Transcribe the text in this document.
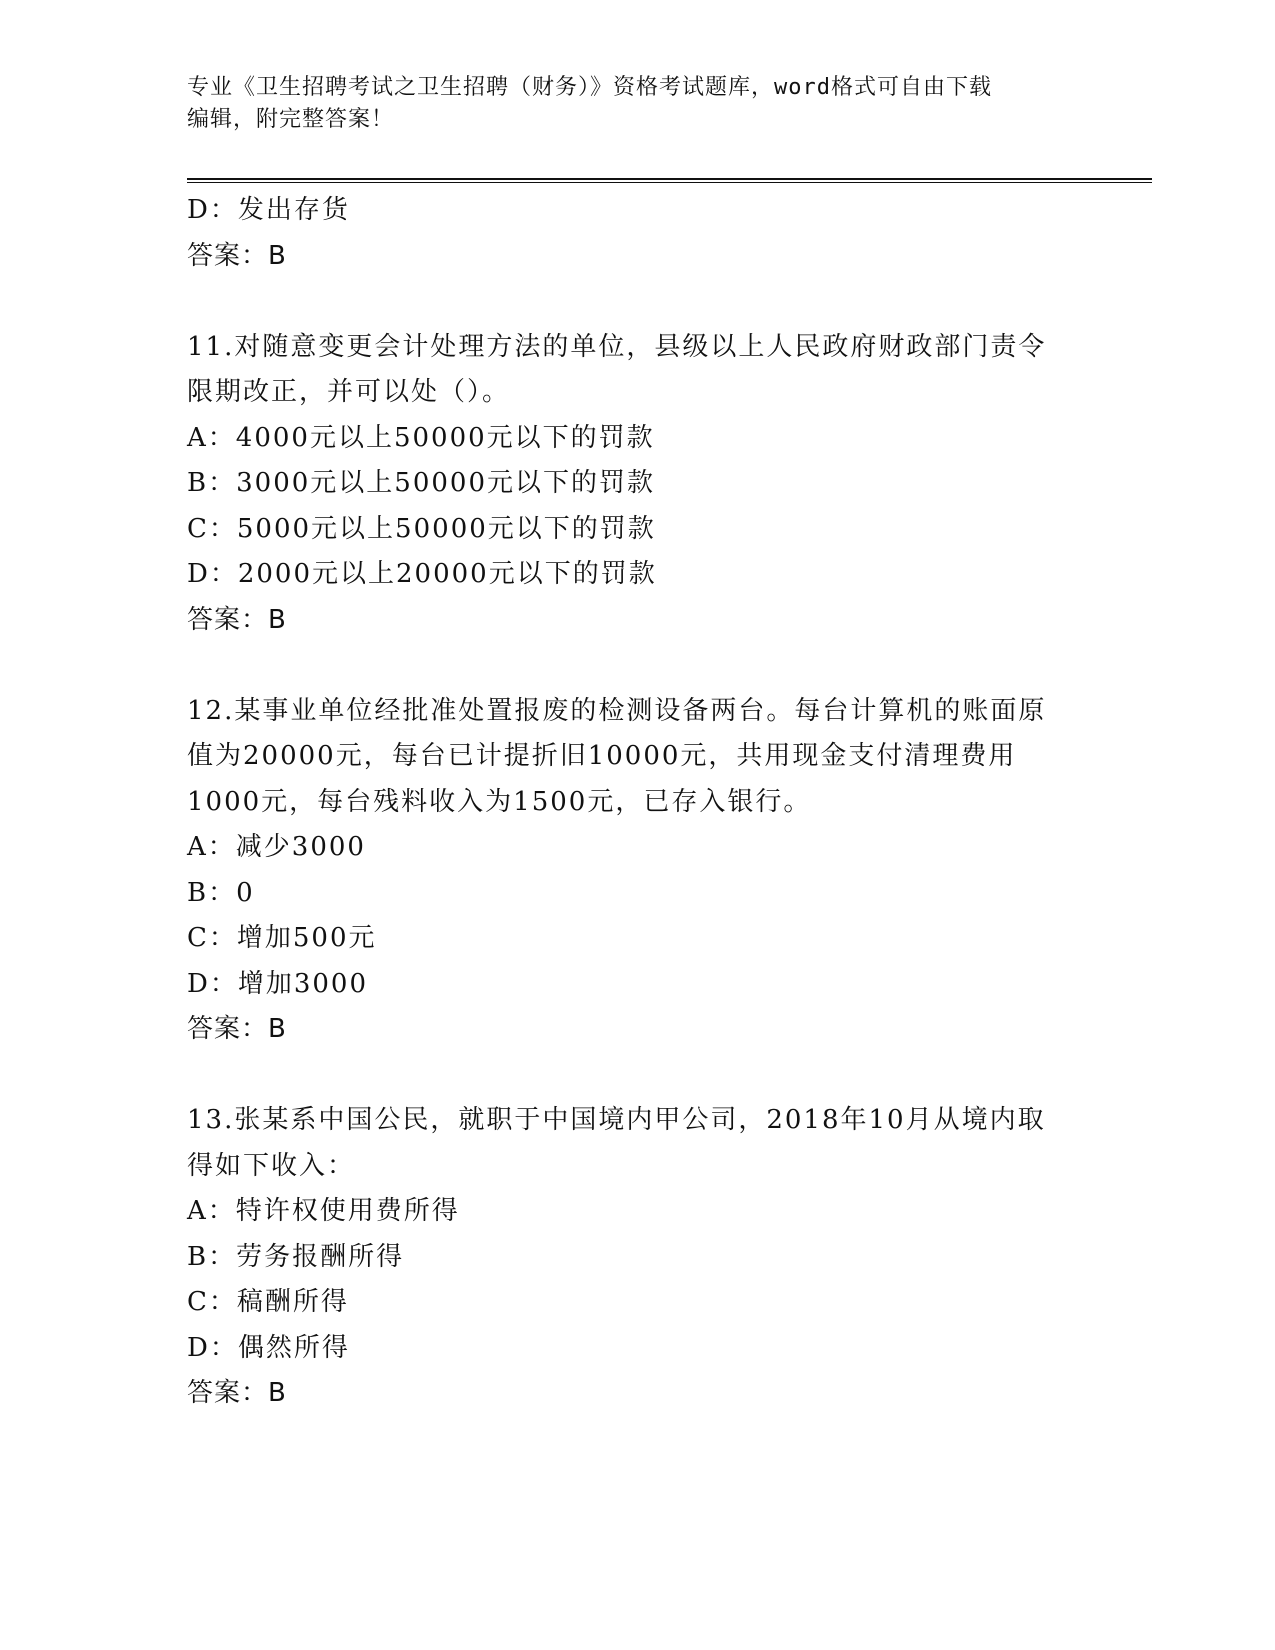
专业《卫生招聘考试之卫生招聘（财务）》资格考试题库，word格式可自由下载
编辑，附完整答案！
D：发出存货
答案：B
11.对随意变更会计处理方法的单位，县级以上人民政府财政部门责令
限期改正，并可以处（）。
A：4000元以上50000元以下的罚款
B：3000元以上50000元以下的罚款
C：5000元以上50000元以下的罚款
D：2000元以上20000元以下的罚款
答案：B
12.某事业单位经批准处置报废的检测设备两台。每台计算机的账面原
值为20000元，每台已计提折旧10000元，共用现金支付清理费用
1000元，每台残料收入为1500元，已存入银行。
A：减少3000
B：0
C：增加500元
D：增加3000
答案：B
13.张某系中国公民，就职于中国境内甲公司，2018年10月从境内取
得如下收入：
A：特许权使用费所得
B：劳务报酬所得
C：稿酬所得
D：偶然所得
答案：B
